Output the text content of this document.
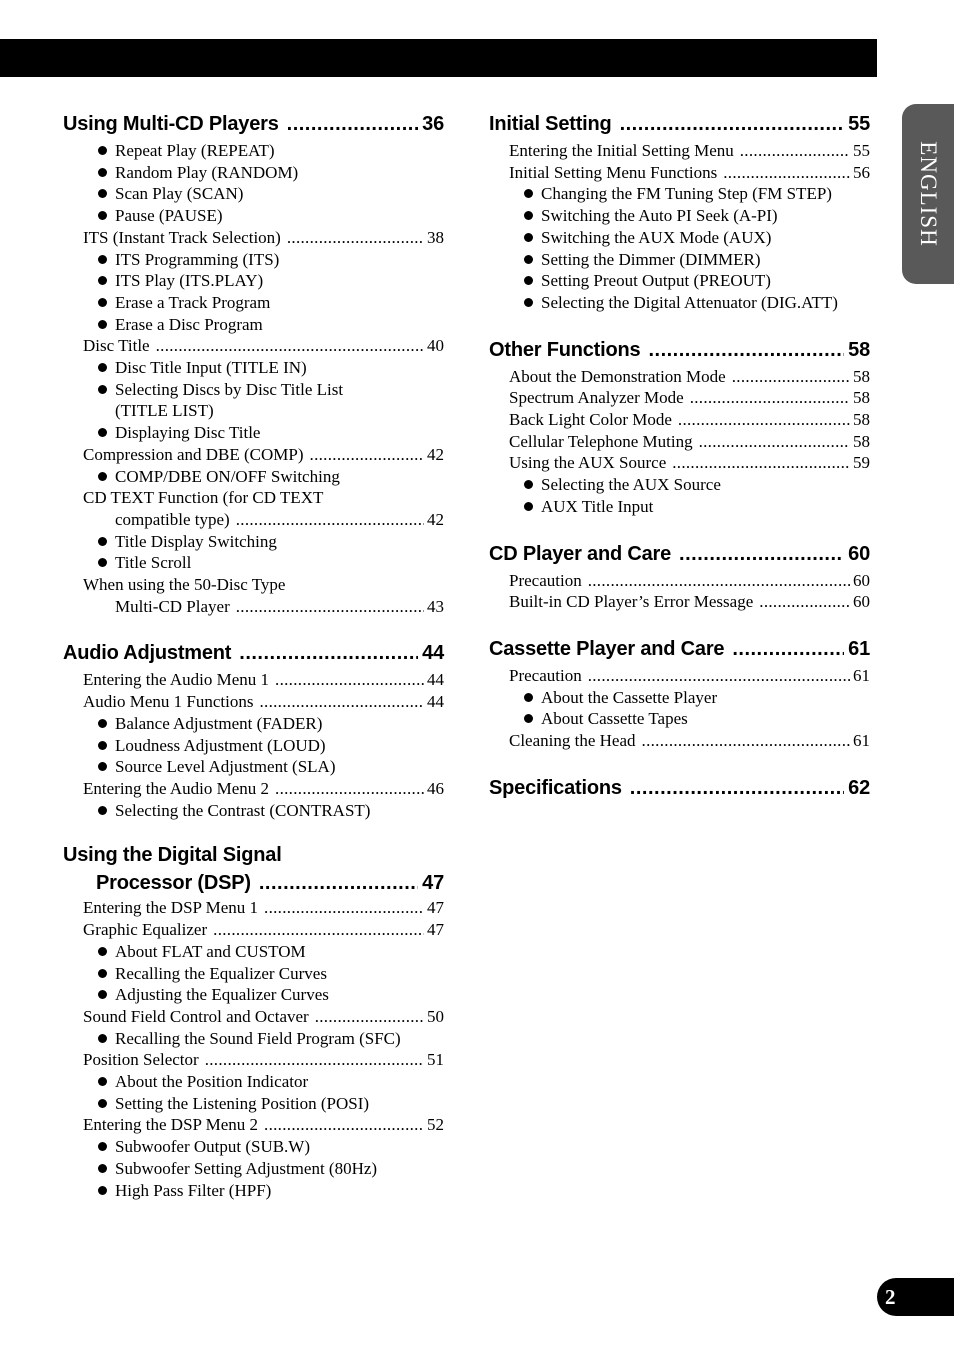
ENGLISH
2
Using Multi-CD Players .....	36
Repeat Play (REPEAT)
Random Play (RANDOM)
Scan Play (SCAN)
Pause (PAUSE)
ITS (Instant Track Selection) .....	38
ITS Programming (ITS)
ITS Play (ITS.PLAY)
Erase a Track Program
Erase a Disc Program
Disc Title .....	40
Disc Title Input (TITLE IN)
Selecting Discs by Disc Title List
(TITLE LIST)
Displaying Disc Title
Compression and DBE (COMP) .....	42
COMP/DBE ON/OFF Switching
CD TEXT Function (for CD TEXT
compatible type) .....	42
Title Display Switching
Title Scroll
When using the 50-Disc Type
Multi-CD Player .....	43
Audio Adjustment .....	44
Entering the Audio Menu 1 .....	44
Audio Menu 1 Functions .....	44
Balance Adjustment (FADER)
Loudness Adjustment (LOUD)
Source Level Adjustment (SLA)
Entering the Audio Menu 2 .....	46
Selecting the Contrast (CONTRAST)
Using the Digital Signal
Processor (DSP) .....	47
Entering the DSP Menu 1 .....	47
Graphic Equalizer .....	47
About FLAT and CUSTOM
Recalling the Equalizer Curves
Adjusting the Equalizer Curves
Sound Field Control and Octaver .....	50
Recalling the Sound Field Program (SFC)
Position Selector .....	51
About the Position Indicator
Setting the Listening Position (POSI)
Entering the DSP Menu 2 .....	52
Subwoofer Output (SUB.W)
Subwoofer Setting Adjustment (80Hz)
High Pass Filter (HPF)
Initial Setting .....	55
Entering the Initial Setting Menu .....	55
Initial Setting Menu Functions .....	56
Changing the FM Tuning Step (FM STEP)
Switching the Auto PI Seek (A-PI)
Switching the AUX Mode (AUX)
Setting the Dimmer (DIMMER)
Setting Preout Output (PREOUT)
Selecting the Digital Attenuator (DIG.ATT)
Other Functions .....	58
About the Demonstration Mode .....	58
Spectrum Analyzer Mode .....	58
Back Light Color Mode .....	58
Cellular Telephone Muting .....	58
Using the AUX Source .....	59
Selecting the AUX Source
AUX Title Input
CD Player and Care .....	60
Precaution .....	60
Built-in CD Player’s Error Message .....	60
Cassette Player and Care .....	61
Precaution .....	61
About the Cassette Player
About Cassette Tapes
Cleaning the Head .....	61
Specifications .....	62
